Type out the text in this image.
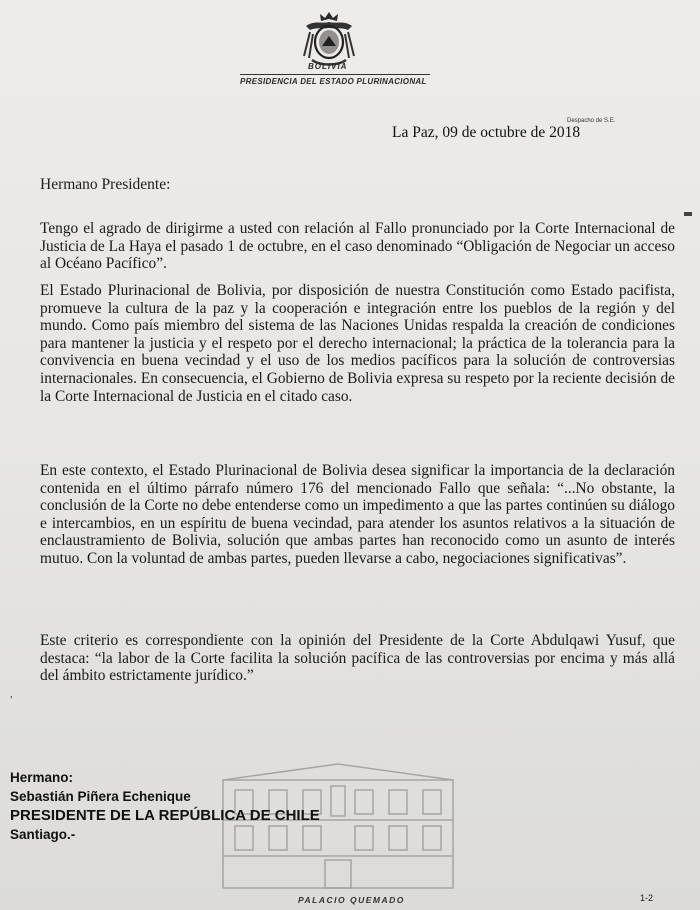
BOLIVIA
PRESIDENCIA DEL ESTADO PLURINACIONAL
Despacho de S.E.
La Paz, 09 de octubre de 2018
Hermano Presidente:
Tengo el agrado de dirigirme a usted con relación al Fallo pronunciado por la Corte Internacional de Justicia de La Haya el pasado 1 de octubre, en el caso denominado “Obligación de Negociar un acceso al Océano Pacífico”.
El Estado Plurinacional de Bolivia, por disposición de nuestra Constitución como Estado pacifista, promueve la cultura de la paz y la cooperación e integración entre los pueblos de la región y del mundo. Como país miembro del sistema de las Naciones Unidas respalda la creación de condiciones para mantener la justicia y el respeto por el derecho internacional; la práctica de la tolerancia para la convivencia en buena vecindad y el uso de los medios pacíficos para la solución de controversias internacionales. En consecuencia, el Gobierno de Bolivia expresa su respeto por la reciente decisión de la Corte Internacional de Justicia en el citado caso.
En este contexto, el Estado Plurinacional de Bolivia desea significar la importancia de la declaración contenida en el último párrafo número 176 del mencionado Fallo que señala: “...No obstante, la conclusión de la Corte no debe entenderse como un impedimento a que las partes continúen su diálogo e intercambios, en un espíritu de buena vecindad, para atender los asuntos relativos a la situación de enclaustramiento de Bolivia, solución que ambas partes han reconocido como un asunto de interés mutuo. Con la voluntad de ambas partes, pueden llevarse a cabo, negociaciones significativas”.
Este criterio es correspondiente con la opinión del Presidente de la Corte Abdulqawi Yusuf, que destaca: “la labor de la Corte facilita la solución pacífica de las controversias por encima y más allá del ámbito estrictamente jurídico.”
Hermano:
Sebastián Piñera Echenique
PRESIDENTE DE LA REPÚBLICA DE CHILE
Santiago.-
PALACIO QUEMADO	1-2
,
